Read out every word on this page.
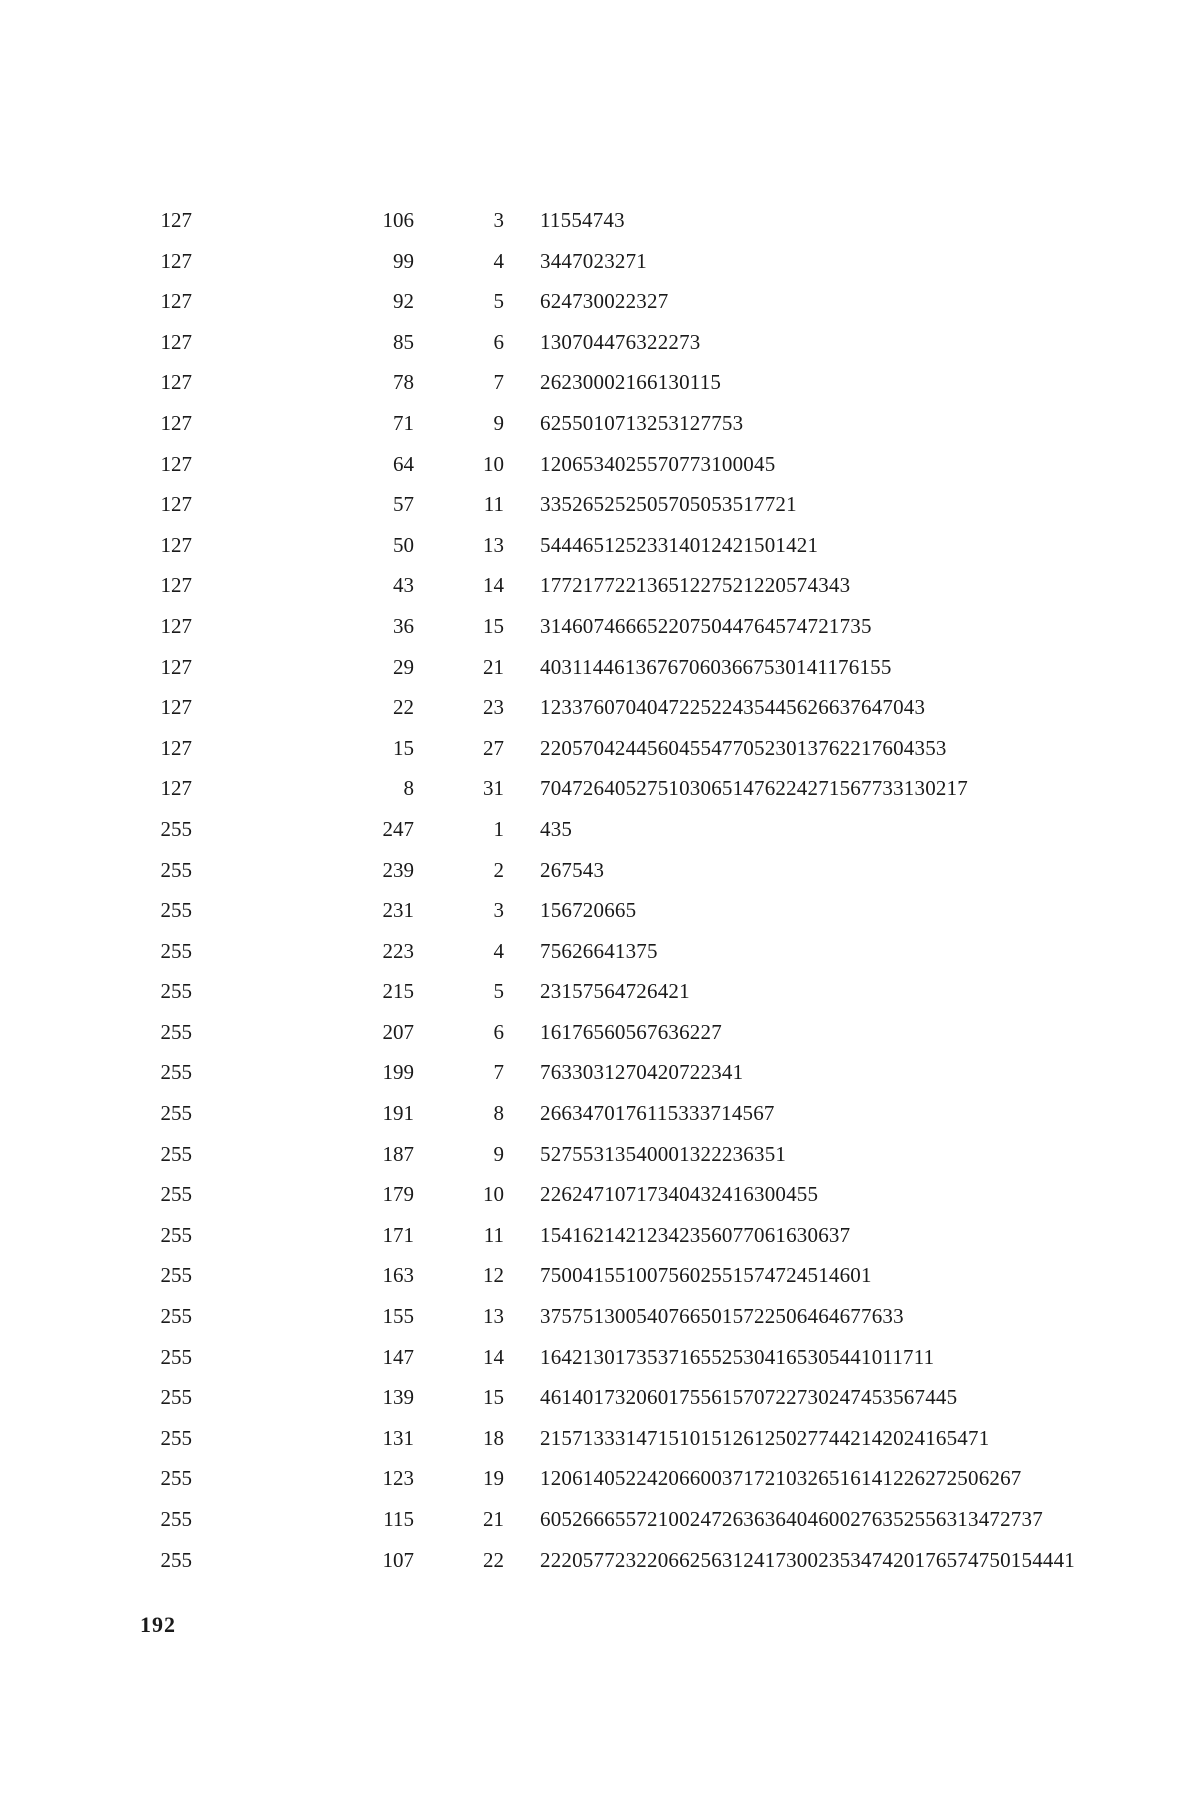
127	106	3 11554743
127	99	4 3447023271
127	92	5 624730022327
127	85	6 130704476322273
127	78	7 26230002166130115
127	71	9 6255010713253127753
127	64	10 1206534025570773100045
127	57	11 335265252505705053517721
127	50	13 54446512523314012421501421
127	43	14 17721772213651227521220574343
127	36	15 3146074666522075044764574721735
127	29	21 403114461367670603667530141176155
127	22	23 123376070404722522435445626637647043
127	15	27 22057042445604554770523013762217604353
127	8	31 7047264052751030651476224271567733130217
255	247	1 435
255	239	2 267543
255	231	3 156720665
255	223	4 75626641375
255	215	5 23157564726421
255	207	6 16176560567636227
255	199	7 7633031270420722341
255	191	8 2663470176115333714567
255	187	9 52755313540001322236351
255	179	10 22624710717340432416300455
255	171	11 15416214212342356077061630637
255	163	12 7500415510075602551574724514601
255	155	13 3757513005407665015722506464677633
255	147	14 1642130173537165525304165305441011711
255	139	15 461401732060175561570722730247453567445
255	131	18 215713331471510151261250277442142024165471
255	123	19 120614052242066003717210326516141226272506267
255	115	21 60526665572100247263636404600276352556313472737
255	107	22 22205772322066256312417300235347420176574750154441
192
